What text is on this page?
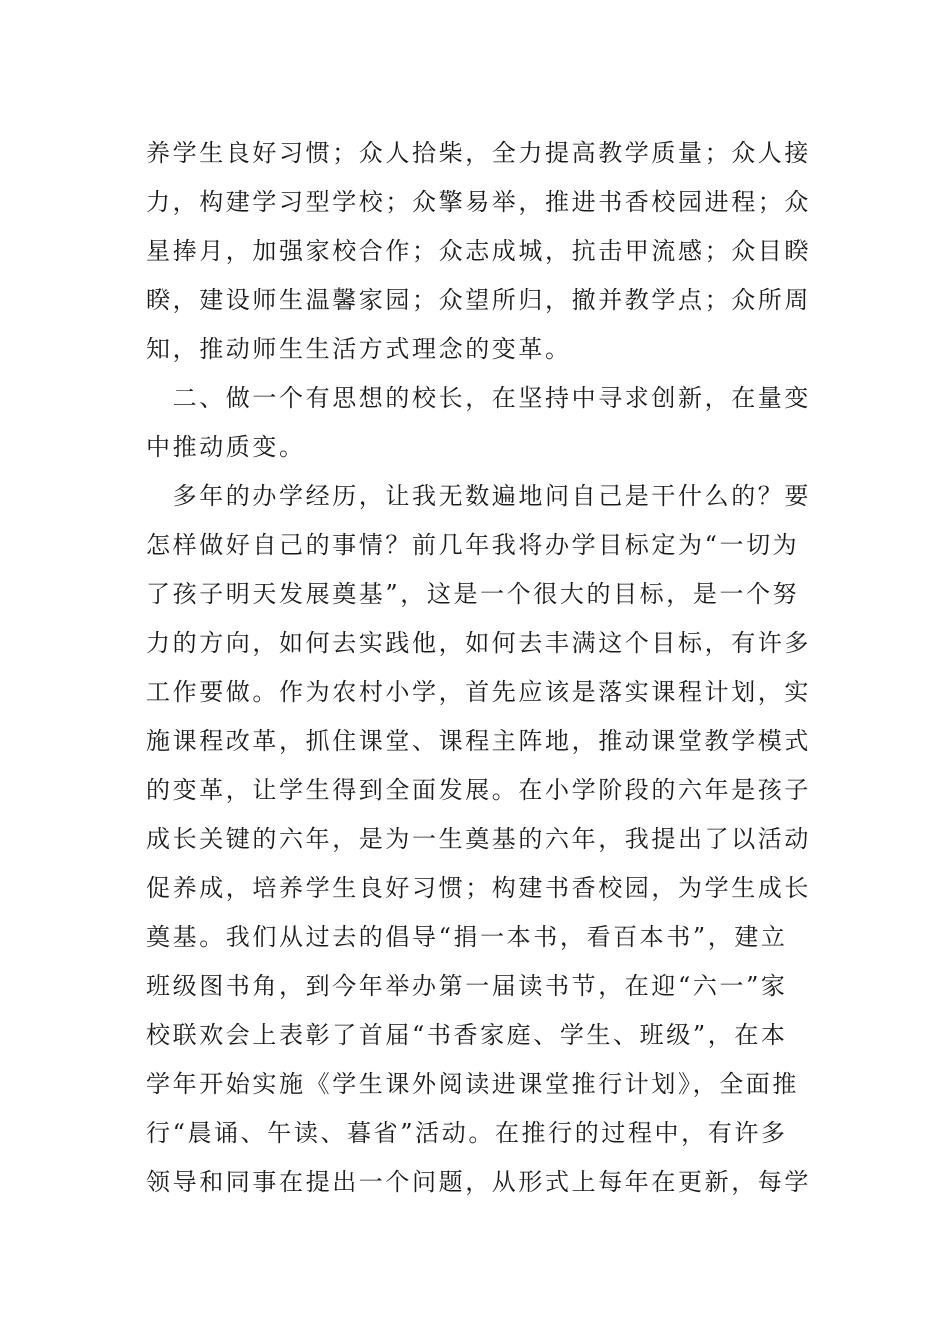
养学生良好习惯；众人拾柴，全力提高教学质量；众人接
力，构建学习型学校；众擎易举，推进书香校园进程；众
星捧月，加强家校合作；众志成城，抗击甲流感；众目睽
睽，建设师生温馨家园；众望所归，撤并教学点；众所周
知，推动师生生活方式理念的变革。
　二、做一个有思想的校长，在坚持中寻求创新，在量变
中推动质变。
　多年的办学经历，让我无数遍地问自己是干什么的？要
怎样做好自己的事情？前几年我将办学目标定为“一切为
了孩子明天发展奠基”，这是一个很大的目标，是一个努
力的方向，如何去实践他，如何去丰满这个目标，有许多
工作要做。作为农村小学，首先应该是落实课程计划，实
施课程改革，抓住课堂、课程主阵地，推动课堂教学模式
的变革，让学生得到全面发展。在小学阶段的六年是孩子
成长关键的六年，是为一生奠基的六年，我提出了以活动
促养成，培养学生良好习惯；构建书香校园，为学生成长
奠基。我们从过去的倡导“捐一本书，看百本书”，建立
班级图书角，到今年举办第一届读书节，在迎“六一”家
校联欢会上表彰了首届“书香家庭、学生、班级”，在本
学年开始实施《学生课外阅读进课堂推行计划》，全面推
行“晨诵、午读、暮省”活动。在推行的过程中，有许多
领导和同事在提出一个问题，从形式上每年在更新，每学
